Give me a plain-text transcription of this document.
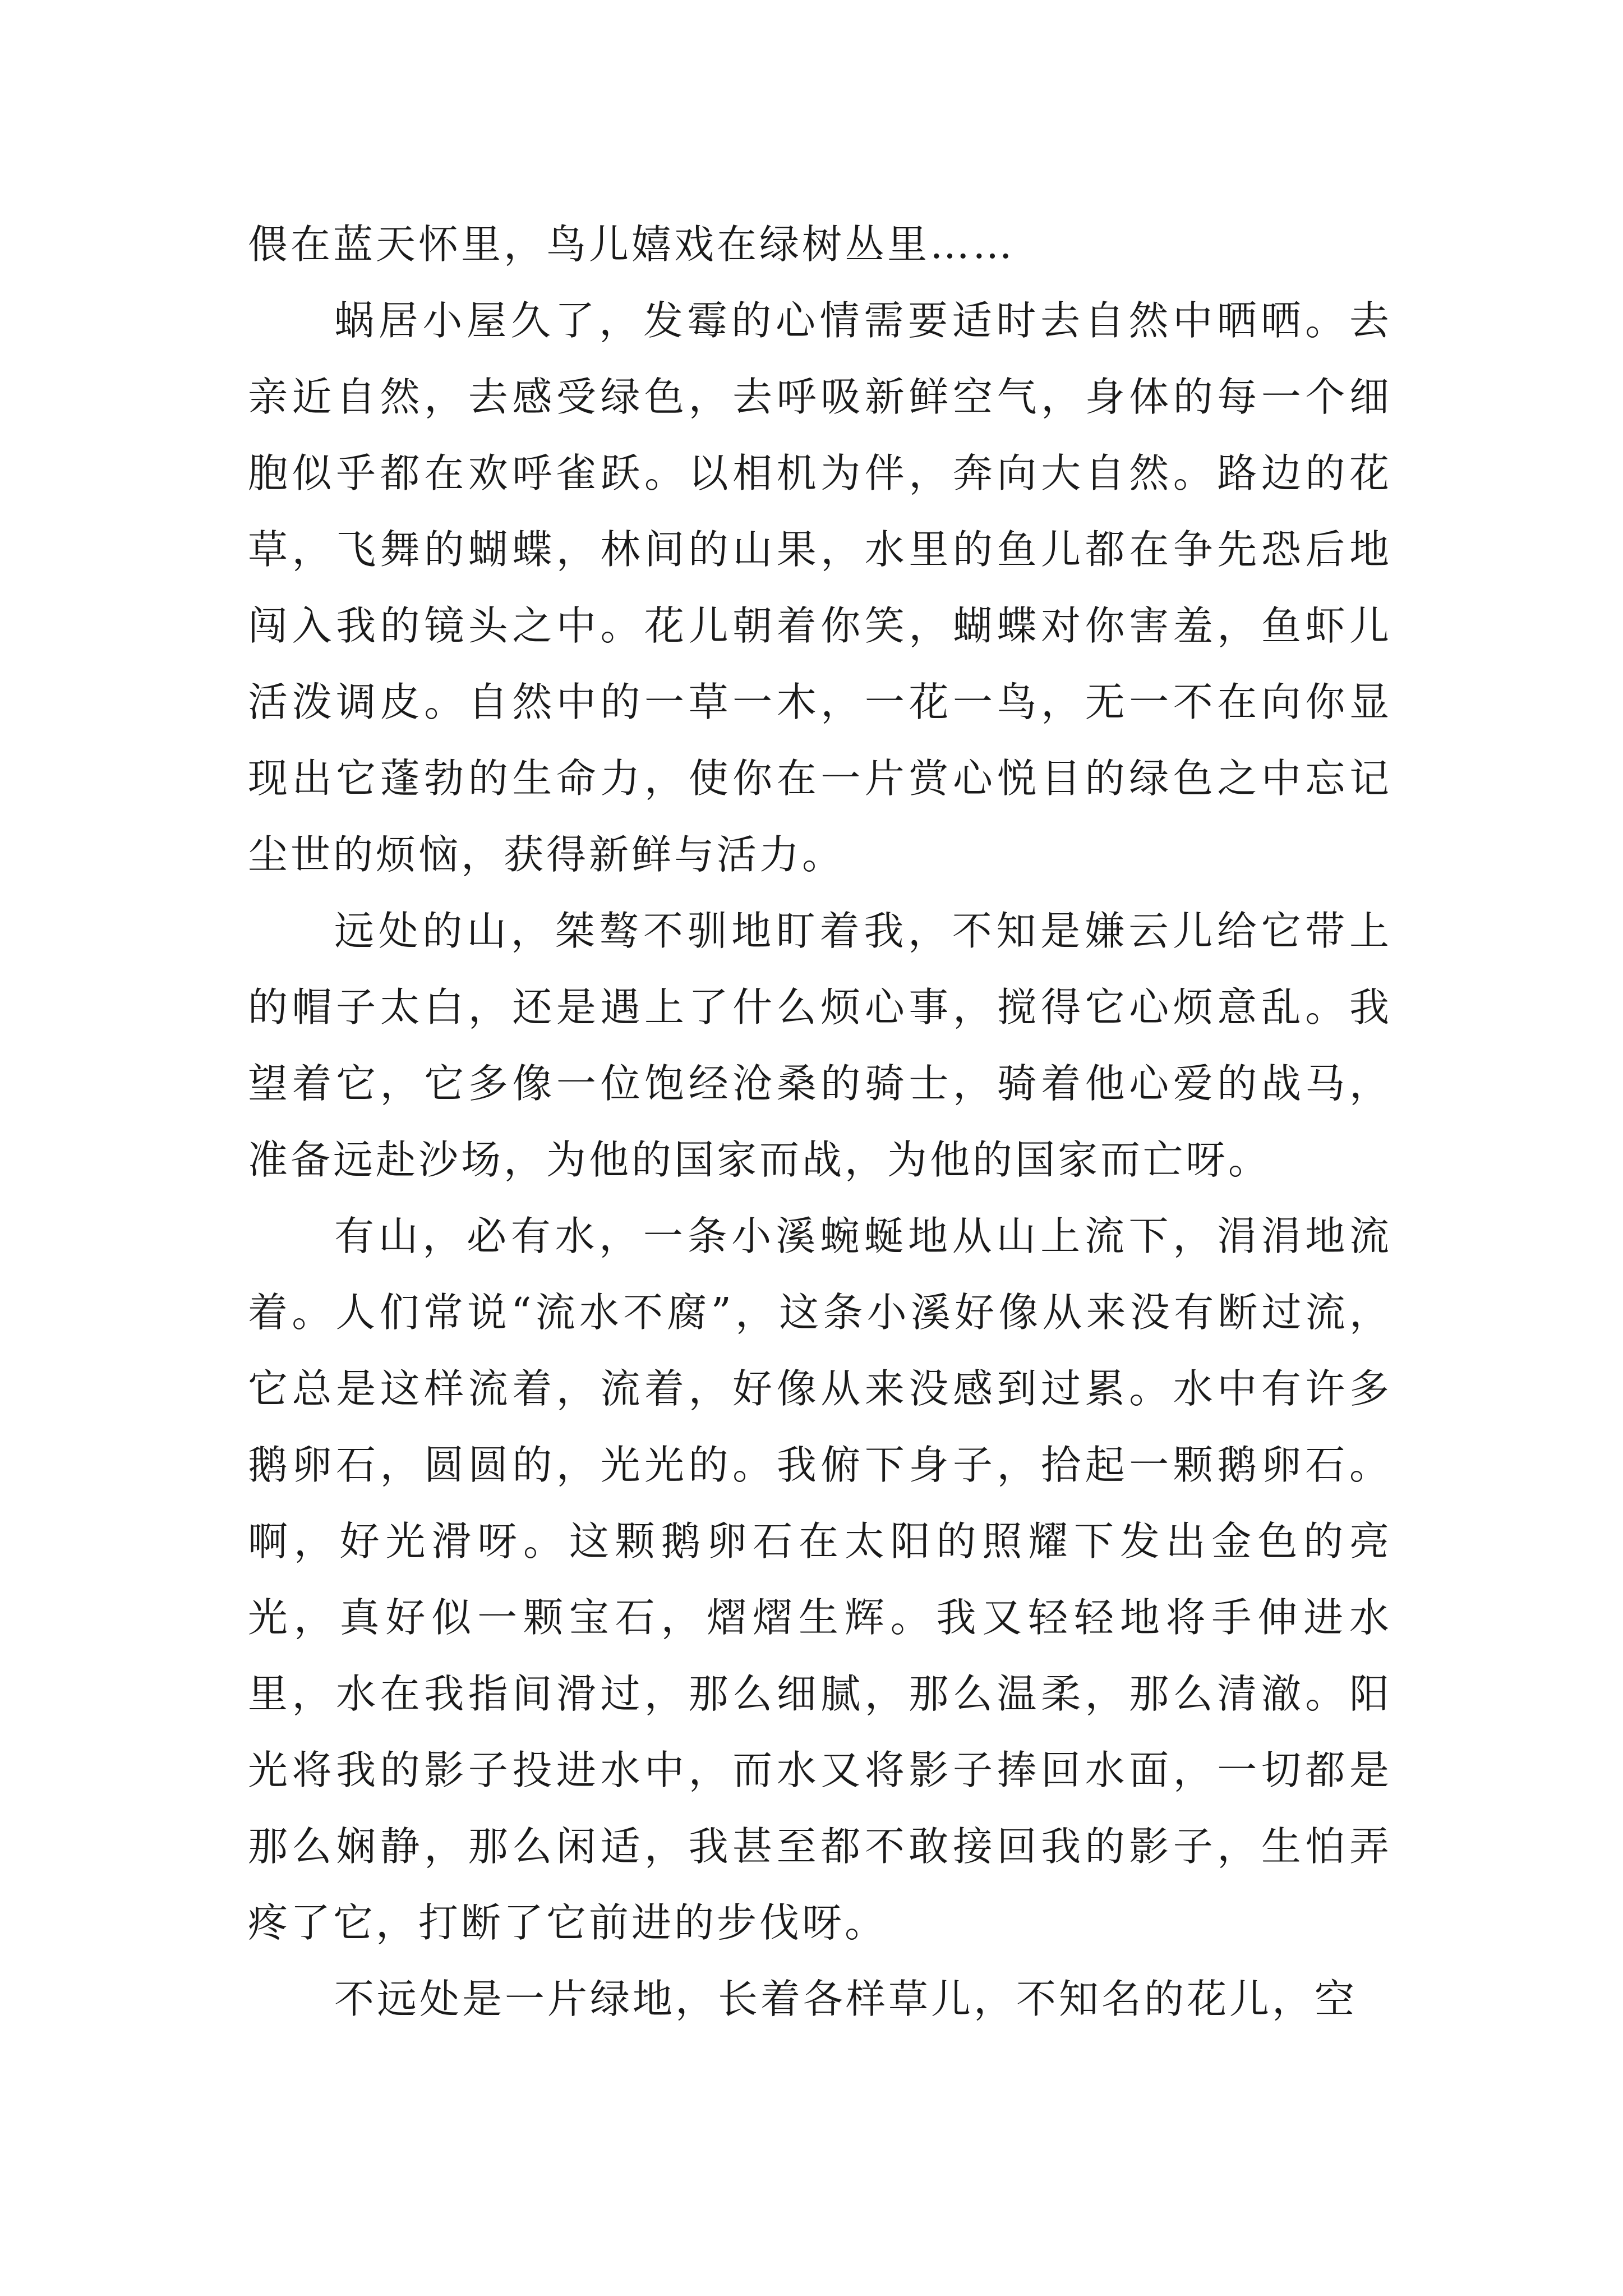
偎在蓝天怀里，鸟儿嬉戏在绿树丛里……

蜗居小屋久了，发霉的心情需要适时去自然中晒晒。去亲近自然，去感受绿色，去呼吸新鲜空气，身体的每一个细胞似乎都在欢呼雀跃。以相机为伴，奔向大自然。路边的花草，飞舞的蝴蝶，林间的山果，水里的鱼儿都在争先恐后地闯入我的镜头之中。花儿朝着你笑，蝴蝶对你害羞，鱼虾儿活泼调皮。自然中的一草一木，一花一鸟，无一不在向你显现出它蓬勃的生命力，使你在一片赏心悦目的绿色之中忘记尘世的烦恼，获得新鲜与活力。

远处的山，桀骜不驯地盯着我，不知是嫌云儿给它带上的帽子太白，还是遇上了什么烦心事，搅得它心烦意乱。我望着它，它多像一位饱经沧桑的骑士，骑着他心爱的战马，准备远赴沙场，为他的国家而战，为他的国家而亡呀。

有山，必有水，一条小溪蜿蜒地从山上流下，涓涓地流着。人们常说“流水不腐”，这条小溪好像从来没有断过流，它总是这样流着，流着，好像从来没感到过累。水中有许多鹅卵石，圆圆的，光光的。我俯下身子，拾起一颗鹅卵石。啊，好光滑呀。这颗鹅卵石在太阳的照耀下发出金色的亮光，真好似一颗宝石，熠熠生辉。我又轻轻地将手伸进水里，水在我指间滑过，那么细腻，那么温柔，那么清澈。阳光将我的影子投进水中，而水又将影子捧回水面，一切都是那么娴静，那么闲适，我甚至都不敢接回我的影子，生怕弄疼了它，打断了它前进的步伐呀。

不远处是一片绿地，长着各样草儿，不知名的花儿，空
